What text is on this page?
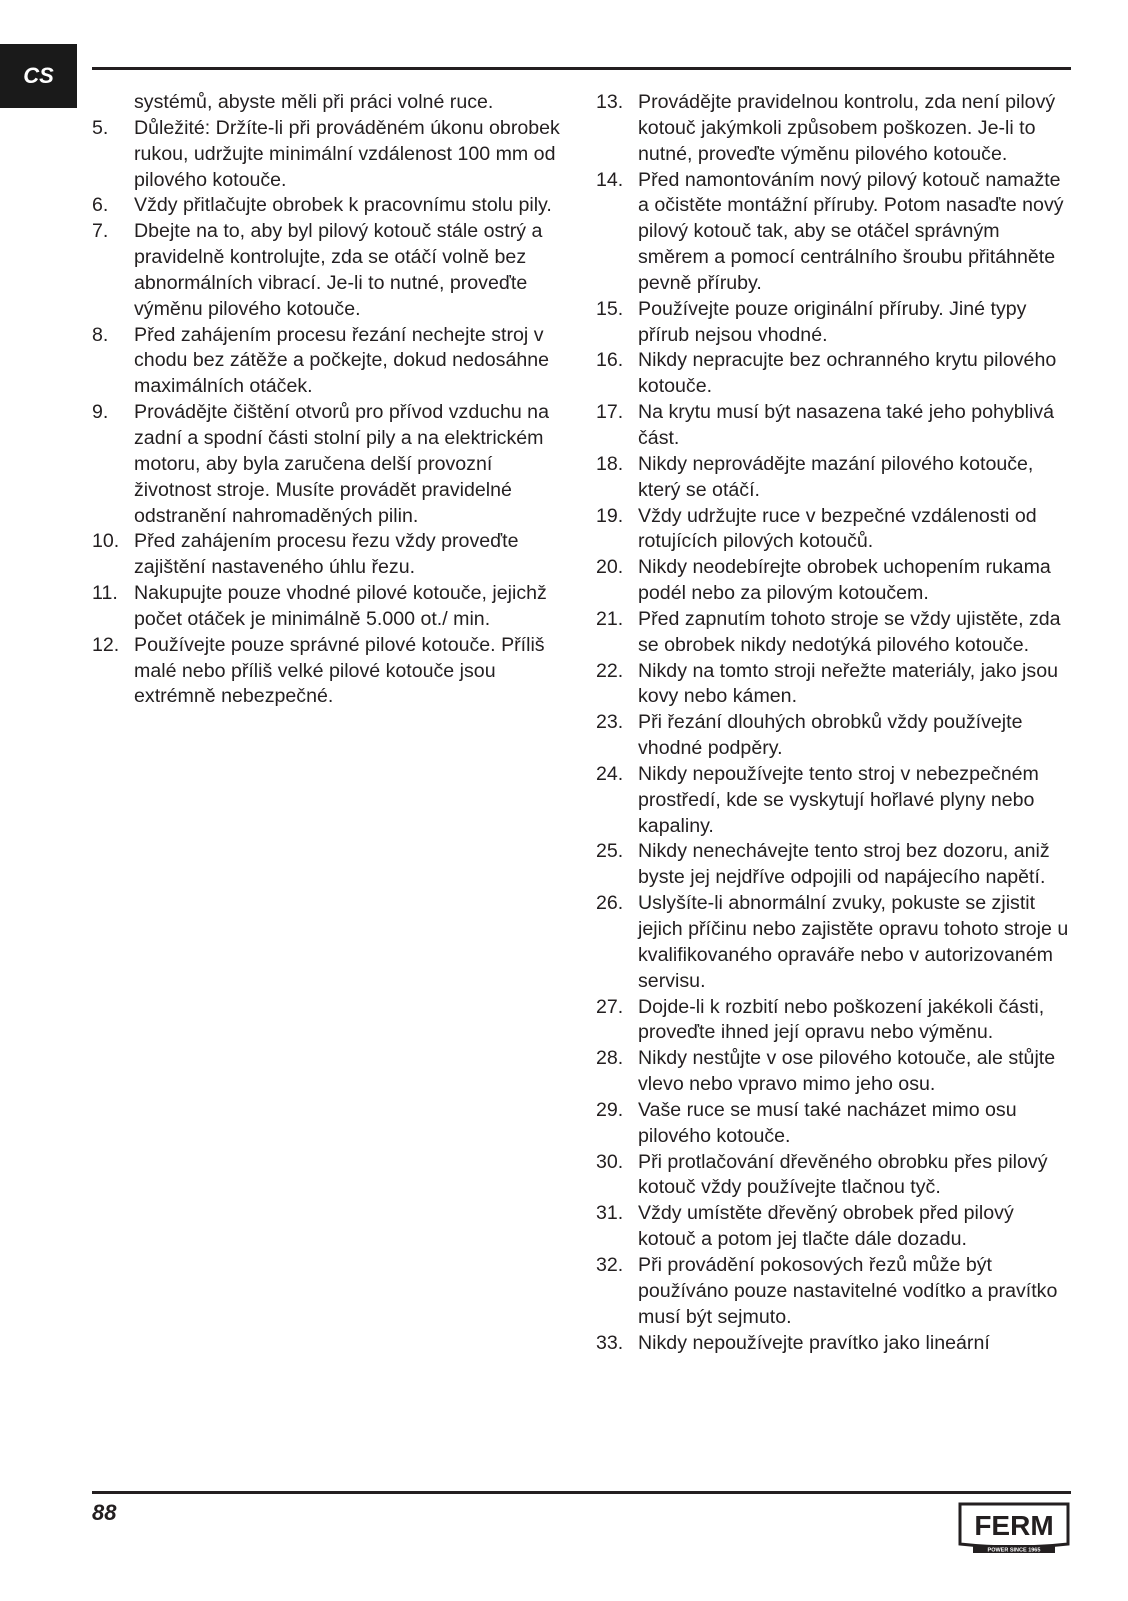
CS
systémů, abyste měli při práci volné ruce.
5. Důležité: Držíte-li při prováděném úkonu obrobek rukou, udržujte minimální vzdálenost 100 mm od pilového kotouče.
6. Vždy přitlačujte obrobek k pracovnímu stolu pily.
7. Dbejte na to, aby byl pilový kotouč stále ostrý a pravidelně kontrolujte, zda se otáčí volně bez abnormálních vibrací. Je-li to nutné, proveďte výměnu pilového kotouče.
8. Před zahájením procesu řezání nechejte stroj v chodu bez zátěže a počkejte, dokud nedosáhne maximálních otáček.
9. Provádějte čištění otvorů pro přívod vzduchu na zadní a spodní části stolní pily a na elektrickém motoru, aby byla zaručena delší provozní životnost stroje. Musíte provádět pravidelné odstranění nahromaděných pilin.
10. Před zahájením procesu řezu vždy proveďte zajištění nastaveného úhlu řezu.
11. Nakupujte pouze vhodné pilové kotouče, jejichž počet otáček je minimálně 5.000 ot./ min.
12. Používejte pouze správné pilové kotouče. Příliš malé nebo příliš velké pilové kotouče jsou extrémně nebezpečné.
13. Provádějte pravidelnou kontrolu, zda není pilový kotouč jakýmkoli způsobem poškozen. Je-li to nutné, proveďte výměnu pilového kotouče.
14. Před namontováním nový pilový kotouč namažte a očistěte montážní příruby. Potom nasaďte nový pilový kotouč tak, aby se otáčel správným směrem a pomocí centrálního šroubu přitáhněte pevně příruby.
15. Používejte pouze originální příruby. Jiné typy přírub nejsou vhodné.
16. Nikdy nepracujte bez ochranného krytu pilového kotouče.
17. Na krytu musí být nasazena také jeho pohyblivá část.
18. Nikdy neprovádějte mazání pilového kotouče, který se otáčí.
19. Vždy udržujte ruce v bezpečné vzdálenosti od rotujících pilových kotoučů.
20. Nikdy neodebírejte obrobek uchopením rukama podél nebo za pilovým kotoučem.
21. Před zapnutím tohoto stroje se vždy ujistěte, zda se obrobek nikdy nedotýká pilového kotouče.
22. Nikdy na tomto stroji neřežte materiály, jako jsou kovy nebo kámen.
23. Při řezání dlouhých obrobků vždy používejte vhodné podpěry.
24. Nikdy nepoužívejte tento stroj v nebezpečném prostředí, kde se vyskytují hořlavé plyny nebo kapaliny.
25. Nikdy nenechávejte tento stroj bez dozoru, aniž byste jej nejdříve odpojili od napájecího napětí.
26. Uslyšíte-li abnormální zvuky, pokuste se zjistit jejich příčinu nebo zajistěte opravu tohoto stroje u kvalifikovaného opraváře nebo v autorizovaném servisu.
27. Dojde-li k rozbití nebo poškození jakékoli části, proveďte ihned její opravu nebo výměnu.
28. Nikdy nestůjte v ose pilového kotouče, ale stůjte vlevo nebo vpravo mimo jeho osu.
29. Vaše ruce se musí také nacházet mimo osu pilového kotouče.
30. Při protlačování dřevěného obrobku přes pilový kotouč vždy používejte tlačnou tyč.
31. Vždy umístěte dřevěný obrobek před pilový kotouč a potom jej tlačte dále dozadu.
32. Při provádění pokosových řezů může být používáno pouze nastavitelné vodítko a pravítko musí být sejmuto.
33. Nikdy nepoužívejte pravítko jako lineární
88	FERM
POWER SINCE 1965
